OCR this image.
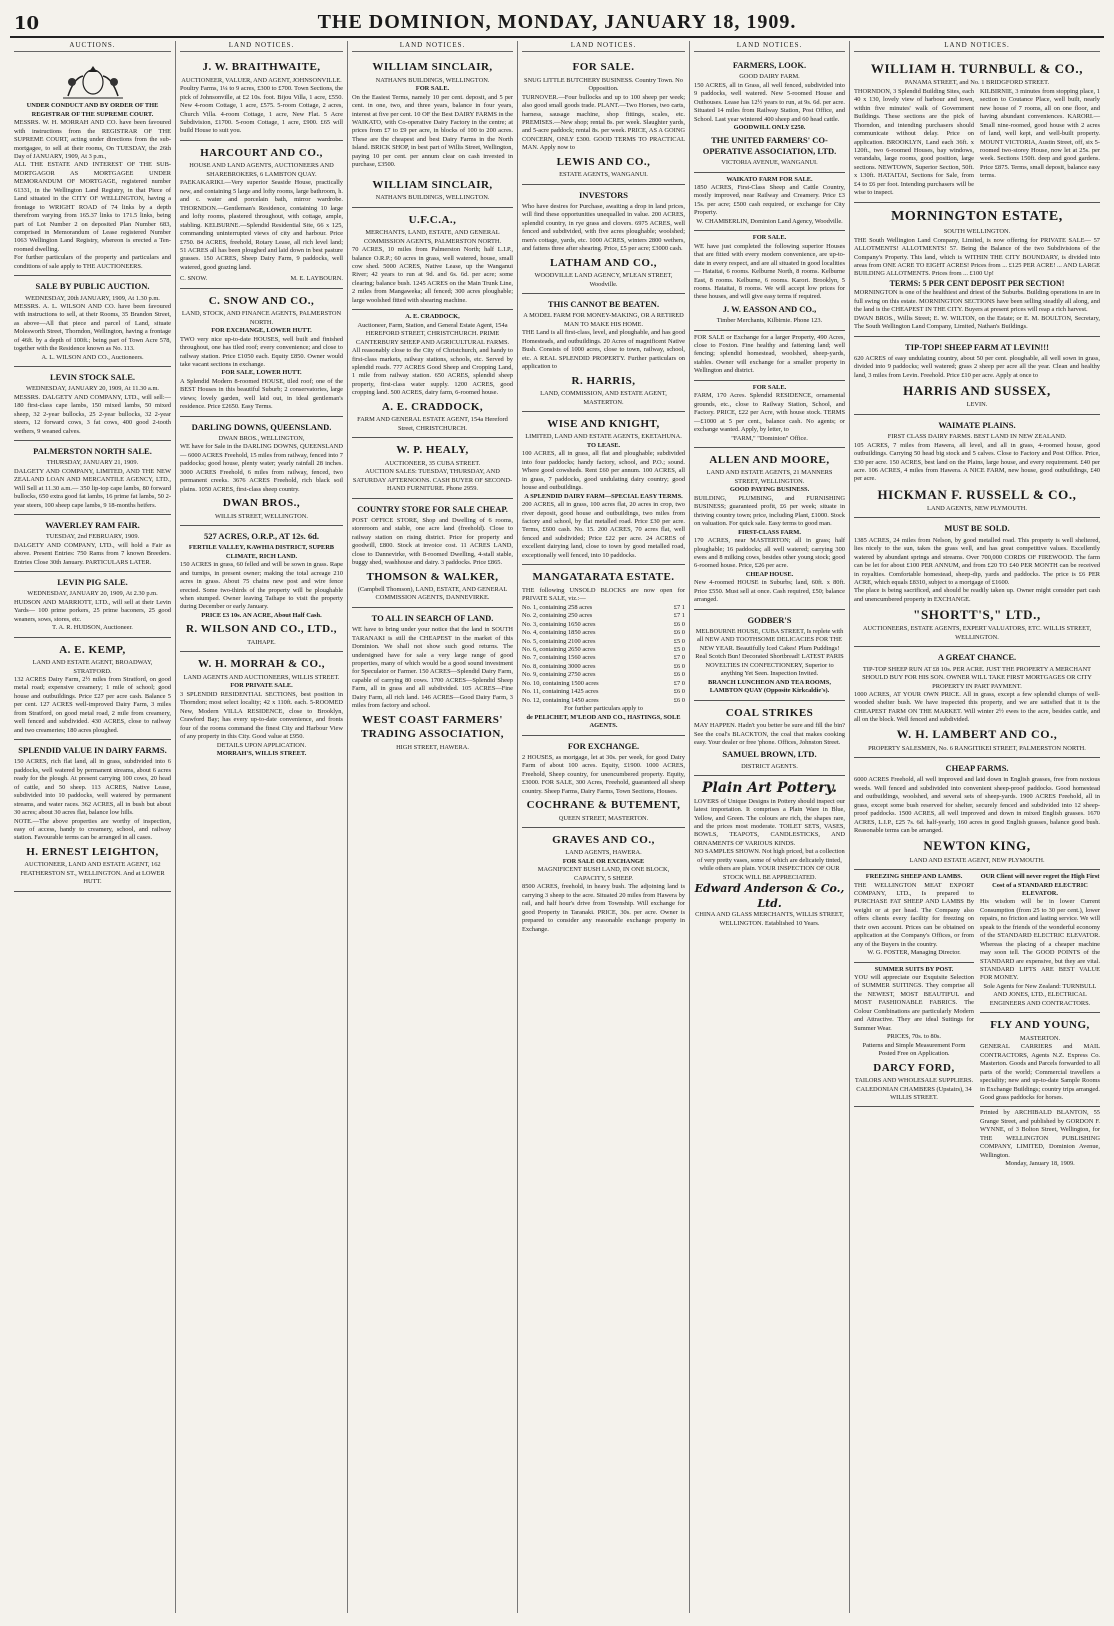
10	THE DOMINION, MONDAY, JANUARY 18, 1909.
AUCTIONS.
UNDER CONDUCT AND BY ORDER OF THE REGISTRAR OF THE SUPREME COURT.
MESSRS. W. H. MORRAH AND CO. have been favoured with instructions from the REGISTRAR OF THE SUPREME COURT, acting under directions from the sub-mortgagee, to sell at their rooms, On TUESDAY, the 26th Day of JANUARY, 1909, At 3 p.m.,
ALL THE ESTATE AND INTEREST OF THE SUB-MORTGAGOR AS MORTGAGEE UNDER MEMORANDUM OF MORTGAGE, registered number 61331, in the Wellington Land Registry, in that Piece of Land situated in the CITY OF WELLINGTON, having a frontage to WRIGHT ROAD of 74 links by a depth therefrom varying from 165.37 links to 171.5 links, being part of Lot Number 2 on deposited Plan Number 683, comprised in Memorandum of Lease registered Number 1063 Wellington Land Registry, whereon is erected a Ten-roomed dwelling.
For further particulars of the property and particulars and conditions of sale apply to THE AUCTIONEERS.
SALE BY PUBLIC AUCTION.
WEDNESDAY, 20th JANUARY, 1909, At 1.30 p.m.
MESSRS. A. L. WILSON AND CO. have been favoured with instructions to sell, at their Rooms, 35 Brandon Street, as above—All that piece and parcel of Land, situate Molesworth Street, Thorndon, Wellington, having a frontage of 46ft. by a depth of 100ft.; being part of Town Acre 578, together with the Residence known as No. 113.
A. L. WILSON AND CO., Auctioneers.
LEVIN STOCK SALE.
WEDNESDAY, JANUARY 20, 1909, At 11.30 a.m.
MESSRS. DALGETY AND COMPANY, LTD., will sell:— 180 first-class cape lambs, 150 mixed lambs, 50 mixed sheep, 32 2-year bullocks, 25 2-year bullocks, 32 2-year steers, 12 forward cows, 3 fat cows, 400 good 2-tooth wethers, 9 weaned calves.
PALMERSTON NORTH SALE.
THURSDAY, JANUARY 21, 1909.
DALGETY AND COMPANY, LIMITED, AND THE NEW ZEALAND LOAN AND MERCANTILE AGENCY, LTD., Will Sell at 11.30 a.m.— 350 lip-top cape lambs, 80 forward bullocks, 650 extra good fat lambs, 16 prime fat lambs, 50 2-year steers, 100 sheep cape lambs, 9 18-months heifers.
WAVERLEY RAM FAIR.
TUESDAY, 2nd FEBRUARY, 1909.
DALGETY AND COMPANY, LTD., will hold a Fair as above. Present Entries: 750 Rams from 7 known Breeders. Entries Close 30th January. PARTICULARS LATER.
LEVIN PIG SALE.
WEDNESDAY, JANUARY 20, 1909, At 2.30 p.m.
HUDSON AND MARRIOTT, LTD., will sell at their Levin Yards— 100 prime porkers, 25 prime baconers, 25 good weaners, sows, stores, etc.
T. A. R. HUDSON, Auctioneer.
A. E. KEMP,
LAND AND ESTATE AGENT, BROADWAY, STRATFORD.
132 ACRES Dairy Farm, 2½ miles from Stratford, on good metal road; expensive creamery; 1 mile of school; good house and outbuildings. Price £27 per acre cash. Balance 5 per cent. 127 ACRES well-improved Dairy Farm, 3 miles from Stratford, on good metal road, 2 mile from creamery, well fenced and subdivided. 430 ACRES, close to railway and two creameries; 180 acres ploughed.
SPLENDID VALUE IN DAIRY FARMS.
150 ACRES, rich flat land, all in grass, subdivided into 6 paddocks, well watered by permanent streams, about 6 acres ready for the plough. At present carrying 100 cows, 20 head of cattle, and 50 sheep. 113 ACRES, Native Lease, subdivided into 10 paddocks, well watered by permanent streams, and water races. 362 ACRES, all in bush but about 30 acres; about 30 acres flat, balance low hills.
NOTE.—The above properties are worthy of inspection, easy of access, handy to creamery, school, and railway station. Favourable terms can be arranged in all cases.
H. ERNEST LEIGHTON,
AUCTIONEER, LAND AND ESTATE AGENT, 162 FEATHERSTON ST., WELLINGTON. And at LOWER HUTT.
LAND NOTICES.
J. W. BRAITHWAITE,
AUCTIONEER, VALUER, AND AGENT, JOHNSONVILLE.
Poultry Farms, 1¼ to 9 acres, £300 to £700. Town Sections, the pick of Johnsonville, at £2 10s. foot. Bijou Villa, 1 acre, £550. New 4-room Cottage, 1 acre, £575. 5-room Cottage, 2 acres, Church Villa. 4-room Cottage, 1 acre, New Flat. 5 Acre Subdivision, £1700. 5-room Cottage, 1 acre, £900. £65 will build House to suit you.
HARCOURT AND CO.,
HOUSE AND LAND AGENTS, AUCTIONEERS AND SHAREBROKERS, 6 LAMBTON QUAY.
PAEKAKARIKI.—Very superior Seaside House, practically new, and containing 5 large and lofty rooms, large bathroom, h. and c. water and porcelain bath, mirror wardrobe. THORNDON.—Gentleman's Residence, containing 10 large and lofty rooms, plastered throughout, with cottage, ample, stabling. KELBURNE.—Splendid Residential Site, 66 x 125, commanding uninterrupted views of city and harbour. Price £750. 84 ACRES, freehold, Rotary Lease, all rich level land; 51 ACRES all has been ploughed and laid down in best pasture grasses. 150 ACRES, Sheep Dairy Farm, 9 paddocks, well watered, good grazing land.
C. SNOW.	M. E. LAYBOURN.
C. SNOW AND CO.,
LAND, STOCK, AND FINANCE AGENTS, PALMERSTON NORTH.
FOR EXCHANGE, LOWER HUTT.
TWO very nice up-to-date HOUSES, well built and finished throughout, one has tiled roof; every convenience; and close to railway station. Price £1050 each. Equity £850. Owner would take vacant sections in exchange.
FOR SALE, LOWER HUTT.
A Splendid Modern 8-roomed HOUSE, tiled roof; one of the BEST Houses in this beautiful Suburb; 2 conservatories, large views; lovely garden, well laid out, in ideal gentleman's residence. Price £2650. Easy Terms.
DARLING DOWNS, QUEENSLAND.
DWAN BROS., WELLINGTON,
WE have for Sale in the DARLING DOWNS, QUEENSLAND— 6000 ACRES Freehold, 15 miles from railway, fenced into 7 paddocks; good house, plenty water; yearly rainfall 28 inches. 3000 ACRES Freehold, 6 miles from railway, fenced, two permanent creeks. 3676 ACRES Freehold, rich black soil plains. 1050 ACRES, first-class sheep country.
DWAN BROS.,
WILLIS STREET, WELLINGTON.
527 ACRES, O.R.P., AT 12s. 6d.
FERTILE VALLEY, KAWHIA DISTRICT, SUPERB CLIMATE, RICH LAND.
150 ACRES in grass, 60 felled and will be sown in grass. Rape and turnips, in present owner; making the total acreage 210 acres in grass. About 75 chains new post and wire fence erected. Some two-thirds of the property will be ploughable when stumped. Owner leaving Taihape to visit the property during December or early January.
PRICE £3 10s. AN ACRE, About Half Cash.
R. WILSON AND CO., LTD.,
TAIHAPE.
W. H. MORRAH & CO.,
LAND AGENTS AND AUCTIONEERS, WILLIS STREET.
FOR PRIVATE SALE.
3 SPLENDID RESIDENTIAL SECTIONS, best position in Thorndon; most select locality; 42 x 110ft. each. 5-ROOMED New, Modern VILLA RESIDENCE, close to Brooklyn, Crawford Bay; has every up-to-date convenience, and fronts four of the rooms command the finest City and Harbour View of any property in this City. Good value at £950.
DETAILS UPON APPLICATION.
MORRAH'S, WILLIS STREET.
LAND NOTICES.
WILLIAM SINCLAIR,
NATHAN'S BUILDINGS, WELLINGTON.
FOR SALE.
On the Easiest Terms, namely 10 per cent. deposit, and 5 per cent. in one, two, and three years, balance in four years, interest at five per cent. 10 OF the Best DAIRY FARMS in the WAIKATO, with Co-operative Dairy Factory in the centre; at prices from £7 to £9 per acre, in blocks of 100 to 200 acres. These are the cheapest and best Dairy Farms in the North Island. BRICK SHOP, in best part of Willis Street, Wellington, paying 10 per cent. per annum clear on cash invested in purchase, £3500.
WILLIAM SINCLAIR,
NATHAN'S BUILDINGS, WELLINGTON.
U.F.C.A.,
MERCHANTS, LAND, ESTATE, AND GENERAL COMMISSION AGENTS, PALMERSTON NORTH.
70 ACRES, 10 miles from Palmerston North; half L.I.P., balance O.R.P.; 60 acres in grass, well watered, house, small cow shed. 5000 ACRES, Native Lease, up the Wanganui River; 42 years to run at 9d. and 6s. 6d. per acre; some clearing; balance bush. 1245 ACRES on the Main Trunk Line, 2 miles from Mangaweka; all fenced; 300 acres ploughable; large woolshed fitted with shearing machine.
A. E. CRADDOCK,
Auctioneer, Farm, Station, and General Estate Agent, 154a HEREFORD STREET, CHRISTCHURCH. PRIME CANTERBURY SHEEP AND AGRICULTURAL FARMS.
All reasonably close to the City of Christchurch, and handy to first-class markets, railway stations, schools, etc. Served by splendid roads. 777 ACRES Good Sheep and Cropping Land, 1 mile from railway station. 650 ACRES, splendid sheep property, first-class water supply. 1200 ACRES, good cropping land. 500 ACRES, dairy farm, 6-roomed house.
A. E. CRADDOCK,
FARM AND GENERAL ESTATE AGENT, 154a Hereford Street, CHRISTCHURCH.
W. P. HEALY,
AUCTIONEER, 35 CUBA STREET.
AUCTION SALES: TUESDAY, THURSDAY, AND SATURDAY AFTERNOONS. CASH BUYER OF SECOND-HAND FURNITURE. Phone 2959.
COUNTRY STORE FOR SALE CHEAP.
POST OFFICE STORE, Shop and Dwelling of 6 rooms, storeroom and stable, one acre land (freehold). Close to railway station on rising district. Price for property and goodwill, £800. Stock at invoice cost. 11 ACRES LAND, close to Dannevirke, with 8-roomed Dwelling, 4-stall stable, buggy shed, washhouse and dairy. 3 paddocks. Price £865.
THOMSON & WALKER,
(Campbell Thomson), LAND, ESTATE, AND GENERAL COMMISSION AGENTS, DANNEVIRKE.
TO ALL IN SEARCH OF LAND.
WE have to bring under your notice that the land in SOUTH TARANAKI is still the CHEAPEST in the market of this Dominion. We shall not show such good returns. The undersigned have for sale a very large range of good properties, many of which would be a good sound investment for Speculator or Farmer. 150 ACRES—Splendid Dairy Farm, capable of carrying 80 cows. 1700 ACRES—Splendid Sheep Farm, all in grass and all subdivided. 105 ACRES—Fine Dairy Farm, all rich land. 146 ACRES—Good Dairy Farm, 3 miles from factory and school.
WEST COAST FARMERS' TRADING ASSOCIATION,
HIGH STREET, HAWERA.
LAND NOTICES.
FOR SALE.
SNUG LITTLE BUTCHERY BUSINESS. Country Town. No Opposition.
TURNOVER.—Four bullocks and up to 100 sheep per week; also good small goods trade. PLANT.—Two Horses, two carts, harness, sausage machine, shop fittings, scales, etc. PREMISES.—New shop; rental 8s. per week. Slaughter yards, and 5-acre paddock; rental 8s. per week. PRICE, AS A GOING CONCERN, ONLY £300. GOOD TERMS TO PRACTICAL MAN. Apply now to
LEWIS AND CO.,
ESTATE AGENTS, WANGANUI.
INVESTORS
Who have desires for Purchase, awaiting a drop in land prices, will find these opportunities unequalled in value. 200 ACRES, splendid country, in rye grass and clovers. 6975 ACRES, well fenced and subdivided, with five acres ploughable; woolshed; men's cottage, yards, etc. 1000 ACRES, winters 2800 wethers, and fattens three after shearing. Price, £5 per acre; £3000 cash.
LATHAM AND CO.,
WOODVILLE LAND AGENCY, M'LEAN STREET, Woodville.
THIS CANNOT BE BEATEN.
A MODEL FARM FOR MONEY-MAKING, OR A RETIRED MAN TO MAKE HIS HOME.
THE Land is all first-class, level, and ploughable, and has good Homesteads, and outbuildings. 20 Acres of magnificent Native Bush. Consists of 1000 acres, close to town, railway, school, etc. A REAL SPLENDID PROPERTY. Further particulars on application to
R. HARRIS,
LAND, COMMISSION, AND ESTATE AGENT, MASTERTON.
WISE AND KNIGHT,
LIMITED, LAND AND ESTATE AGENTS, EKETAHUNA.
TO LEASE.
100 ACRES, all in grass, all flat and ploughable; subdivided into four paddocks; handy factory, school, and P.O.; sound. Where good cowsheds. Rent £60 per annum. 100 ACRES, all in grass, 7 paddocks, good undulating dairy country; good house and outbuildings.
A SPLENDID DAIRY FARM—SPECIAL EASY TERMS.
200 ACRES, all in grass, 100 acres flat, 20 acres in crop, two river deposit, good house and outbuildings, two miles from factory and school, by flat metalled road. Price £30 per acre. Terms, £600 cash. No. 15. 200 ACRES, 70 acres flat, well fenced and subdivided; Price £22 per acre. 24 ACRES of excellent dairying land, close to town by good metalled road, exceptionally well fenced, into 10 paddocks.
MANGATARATA ESTATE.
THE following UNSOLD BLOCKS are now open for PRIVATE SALE, viz.:—
No. 1, containing 258 acres	£7 1
No. 2, containing 250 acres	£7 1
No. 3, containing 1650 acres	£6 0
No. 4, containing 1850 acres	£6 0
No. 5, containing 2100 acres	£5 0
No. 6, containing 2650 acres	£5 0
No. 7, containing 1560 acres	£7 0
No. 8, containing 3000 acres	£6 0
No. 9, containing 2750 acres	£6 0
No. 10, containing 1500 acres	£7 0
No. 11, containing 1425 acres	£6 0
No. 12, containing 1450 acres	£6 0
For further particulars apply to
de PELICHET, M'LEOD AND CO., HASTINGS, SOLE AGENTS.
FOR EXCHANGE.
2 HOUSES, as mortgage, let at 30s. per week, for good Dairy Farm of about 100 acres. Equity, £1900. 1000 ACRES, Freehold, Sheep country, for unencumbered property. Equity, £3000. FOR SALE, 300 Acres, Freehold, guaranteed all sheep country. Sheep Farms, Dairy Farms, Town Sections, Houses.
COCHRANE & BUTEMENT,
QUEEN STREET, MASTERTON.
GRAVES AND CO.,
LAND AGENTS, HAWERA.
FOR SALE OR EXCHANGE
MAGNIFICENT BUSH LAND, IN ONE BLOCK, CAPACITY, 5 SHEEP.
8500 ACRES, freehold, in heavy bush. The adjoining land is carrying 3 sheep to the acre. Situated 20 miles from Hawera by rail, and half hour's drive from Township. Will exchange for good Property in Taranaki. PRICE, 30s. per acre. Owner is prepared to consider any reasonable exchange property in Exchange.
LAND NOTICES.
FARMERS, LOOK.
GOOD DAIRY FARM.
150 ACRES, all in Grass, all well fenced, subdivided into 9 paddocks, well watered. New 5-roomed House and Outhouses. Lease has 12½ years to run, at 9s. 6d. per acre. Situated 14 miles from Railway Station, Post Office, and School. Last year wintered 400 sheep and 60 head cattle.
GOODWILL ONLY £250.
THE UNITED FARMERS' CO-OPERATIVE ASSOCIATION, LTD.
VICTORIA AVENUE, WANGANUI.
WAIKATO FARM FOR SALE.
1850 ACRES, First-Class Sheep and Cattle Country, mostly improved, near Railway and Creamery. Price £3 15s. per acre; £500 cash required, or exchange for City Property.
W. CHAMBERLIN, Dominion Land Agency, Woodville.
FOR SALE.
WE have just completed the following superior Houses that are fitted with every modern convenience, are up-to-date in every respect, and are all situated in good localities— Hataitai, 6 rooms. Kelburne North, 8 rooms. Kelburne East, 8 rooms. Kelburne, 6 rooms. Karori. Brooklyn, 5 rooms. Hataitai, 8 rooms. We will accept low prices for these houses, and will give easy terms if required.
J. W. EASSON AND CO.,
Timber Merchants, Kilbirnie. Phone 123.
FOR SALE or Exchange for a larger Property, 490 Acres, close to Foxton. Fine healthy and fattening land; well fencing; splendid homestead, woolshed, sheep-yards, stables. Owner will exchange for a smaller property in Wellington and district.
FOR SALE.
FARM, 170 Acres. Splendid RESIDENCE, ornamental grounds, etc., close to Railway Station, School, and Factory. PRICE, £22 per Acre, with house stock. TERMS—£1000 at 5 per cent., balance cash. No agents; or exchange wanted. Apply, by letter, to
"FARM," "Dominion" Office.
ALLEN AND MOORE,
LAND AND ESTATE AGENTS, 21 MANNERS STREET, WELLINGTON.
GOOD PAYING BUSINESS.
BUILDING, PLUMBING, and FURNISHING BUSINESS; guaranteed profit, £6 per week; situate in thriving country town; price, including Plant, £1000. Stock on valuation. For quick sale. Easy terms to good man.
FIRST-CLASS FARM.
170 ACRES, near MASTERTON; all in grass; half ploughable; 16 paddocks; all well watered; carrying 300 ewes and 8 milking cows, besides other young stock; good 6-roomed house. Price, £26 per acre.
CHEAP HOUSE.
New 4-roomed HOUSE in Suburbs; land, 60ft. x 80ft. Price £550. Must sell at once. Cash required, £50; balance arranged.
GODBER'S
MELBOURNE HOUSE, CUBA STREET, Is replete with all NEW AND TOOTHSOME DELICACIES FOR THE NEW YEAR. Beautifully Iced Cakes! Plum Puddings! Real Scotch Bun! Decorated Shortbread! LATEST PARIS NOVELTIES IN CONFECTIONERY, Superior to anything Yet Seen. Inspection Invited.
BRANCH LUNCHEON AND TEA ROOMS, LAMBTON QUAY (Opposite Kirkcaldie's).
COAL STRIKES
MAY HAPPEN. Hadn't you better be sure and fill the bin? See the coal's BLACKTON, the coal that makes cooking easy. Your dealer or free 'phone. Offices, Johnston Street.
SAMUEL BROWN, LTD.
DISTRICT AGENTS.
Plain Art Pottery.
LOVERS of Unique Designs in Pottery should inspect our latest importation. It comprises a Plain Ware in Blue, Yellow, and Green. The colours are rich, the shapes rare, and the prices most moderate. TOILET SETS, VASES, BOWLS, TEAPOTS, CANDLESTICKS, AND ORNAMENTS OF VARIOUS KINDS.
NO SAMPLES SHOWN. Not high priced, but a collection of very pretty vases, some of which are delicately tinted, while others are plain. YOUR INSPECTION OF OUR STOCK WILL BE APPRECIATED.
Edward Anderson & Co., Ltd.
CHINA AND GLASS MERCHANTS, WILLIS STREET, WELLINGTON. Established 10 Years.
LAND NOTICES.
WILLIAM H. TURNBULL & CO.,
PANAMA STREET, and No. 1 BRIDGFORD STREET.
THORNDON, 3 Splendid Building Sites, each 40 x 130, lovely view of harbour and town, within five minutes' walk of Government Buildings. These sections are the pick of Thorndon, and intending purchasers should communicate without delay. Price on application. BROOKLYN, Land each 36ft. x 120ft., two 6-roomed Houses, bay windows, verandahs, large rooms, good position, large sections. NEWTOWN, Superior Section, 50ft. x 130ft. HATAITAI, Sections for Sale, from £4 to £6 per foot. Intending purchasers will be wise to inspect.
KILBIRNIE, 3 minutes from stopping place, 1 section to Coutance Place, well built, nearly new house of 7 rooms, all on one floor, and having abundant conveniences. KARORI.—Small nine-roomed, good house with 2 acres of land, well kept, and well-built property. MOUNT VICTORIA, Austin Street, off, six 5-roomed two-storey House, now let at 25s. per week. Sections 150ft. deep and good gardens. Price £875. Terms, small deposit, balance easy terms.
MORNINGTON ESTATE,
SOUTH WELLINGTON.
THE South Wellington Land Company, Limited, is now offering for PRIVATE SALE— 57 ALLOTMENTS! ALLOTMENTS! 57. Being the Balance of the two Subdivisions of the Company's Property. This land, which is WITHIN THE CITY BOUNDARY, is divided into areas from ONE ACRE TO EIGHT ACRES! Prices from ... £125 PER ACRE! ... AND LARGE BUILDING ALLOTMENTS. Prices from ... £100 Up!
TERMS: 5 PER CENT DEPOSIT PER SECTION!
MORNINGTON is one of the healthiest and driest of the Suburbs. Building operations in are in full swing on this estate. MORNINGTON SECTIONS have been selling steadily all along, and the land is the CHEAPEST IN THE CITY. Buyers at present prices will reap a rich harvest.
DWAN BROS., Willis Street; E. W. WILTON, on the Estate; or E. M. BOULTON, Secretary, The South Wellington Land Company, Limited, Nathan's Buildings.
TIP-TOP! SHEEP FARM AT LEVIN!!!
620 ACRES of easy undulating country, about 50 per cent. ploughable, all well sown in grass, divided into 9 paddocks; well watered; grass 2 sheep per acre all the year. Clean and healthy land, 3 miles from Levin. Freehold. Price £10 per acre. Apply at once to
HARRIS AND SUSSEX,
LEVIN.
WAIMATE PLAINS.
FIRST CLASS DAIRY FARMS. BEST LAND IN NEW ZEALAND.
105 ACRES, 7 miles from Hawera, all level, and all in grass, 4-roomed house, good outbuildings. Carrying 50 head big stock and 5 calves. Close to Factory and Post Office. Price, £30 per acre. 150 ACRES, best land on the Plains, large house, and every requirement. £40 per acre. 106 ACRES, 4 miles from Hawera. A NICE FARM, new house, good outbuildings, £40 per acre.
HICKMAN F. RUSSELL & CO.,
LAND AGENTS, NEW PLYMOUTH.
MUST BE SOLD.
1385 ACRES, 24 miles from Nelson, by good metalled road. This property is well sheltered, lies nicely to the sun, takes the grass well, and has great competitive values. Excellently watered by abundant springs and streams. Over 700,000 CORDS OF FIREWOOD. The farm can be let for about £100 PER ANNUM, and from £20 TO £40 PER MONTH can be received in royalties. Comfortable homestead, sheep-dip, yards and paddocks. The price is £6 PER ACRE, which equals £8310, subject to a mortgage of £1600.
The place is being sacrificed, and should be readily taken up. Owner might consider part cash and unencumbered property in EXCHANGE.
"SHORTT'S," LTD.,
AUCTIONEERS, ESTATE AGENTS, EXPERT VALUATORS, ETC. WILLIS STREET, WELLINGTON.
A GREAT CHANCE.
TIP-TOP SHEEP RUN AT £8 10s. PER ACRE. JUST THE PROPERTY A MERCHANT SHOULD BUY FOR HIS SON. OWNER WILL TAKE FIRST MORTGAGES OR CITY PROPERTY IN PART PAYMENT.
1000 ACRES, AT YOUR OWN PRICE. All in grass, except a few splendid clumps of well-wooded shelter bush. We have inspected this property, and we are satisfied that it is the CHEAPEST FARM ON THE MARKET. Will winter 2½ ewes to the acre, besides cattle, and all on the block. Well fenced and subdivided.
W. H. LAMBERT AND CO.,
PROPERTY SALESMEN, No. 6 RANGITIKEI STREET, PALMERSTON NORTH.
CHEAP FARMS.
6000 ACRES Freehold, all well improved and laid down in English grasses, free from noxious weeds. Well fenced and subdivided into convenient sheep-proof paddocks. Good homestead and outbuildings, woolshed, and several sets of sheep-yards. 1900 ACRES Freehold, all in grass, except some bush reserved for shelter, securely fenced and subdivided into 12 sheep-proof paddocks. 1500 ACRES, all well improved and down in mixed English grasses. 1670 ACRES, L.I.P., £25 7s. 6d. half-yearly, 160 acres in good English grasses, balance good bush. Reasonable terms can be arranged.
NEWTON KING,
LAND AND ESTATE AGENT, NEW PLYMOUTH.
FREEZING SHEEP AND LAMBS.
THE WELLINGTON MEAT EXPORT COMPANY, LTD., Is prepared to PURCHASE FAT SHEEP AND LAMBS By weight or at per head. The Company also offers clients every facility for freezing on their own account. Prices can be obtained on application at the Company's Offices, or from any of the Buyers in the country.
W. G. FOSTER, Managing Director.
SUMMER SUITS BY POST.
YOU will appreciate our Exquisite Selection of SUMMER SUITINGS. They comprise all the NEWEST, MOST BEAUTIFUL and MOST FASHIONABLE FABRICS. The Colour Combinations are particularly Modern and Attractive. They are ideal Suitings for Summer Wear.
PRICES, 70s. to 80s.
Patterns and Simple Measurement Form Posted Free on Application.
DARCY FORD,
TAILORS AND WHOLESALE SUPPLIERS. CALEDONIAN CHAMBERS (Upstairs), 34 WILLIS STREET.
OUR Client will never regret the High First Cost of a STANDARD ELECTRIC ELEVATOR.
His wisdom will be in lower Current Consumption (from 25 to 30 per cent.), lower repairs, no friction and lasting service. We will speak to the friends of the wonderful economy of the STANDARD ELECTRIC ELEVATOR. Whereas the placing of a cheaper machine may soon tell. The GOOD POINTS of the STANDARD are expensive, but they are vital. STANDARD LIFTS ARE BEST VALUE FOR MONEY.
Sole Agents for New Zealand: TURNBULL AND JONES, LTD., ELECTRICAL ENGINEERS AND CONTRACTORS.
FLY AND YOUNG,
MASTERTON.
GENERAL CARRIERS and MAIL CONTRACTORS, Agents N.Z. Express Co. Masterton. Goods and Parcels forwarded to all parts of the world; Commercial travellers a speciality; new and up-to-date Sample Rooms in Exchange Buildings; country trips arranged. Good grass paddocks for horses.
Printed by ARCHIBALD BLANTON, 55 Grange Street, and published by GORDON F. WYNNE, of 3 Bolton Street, Wellington, for THE WELLINGTON PUBLISHING COMPANY, LIMITED, Dominion Avenue, Wellington.
Monday, January 18, 1909.
